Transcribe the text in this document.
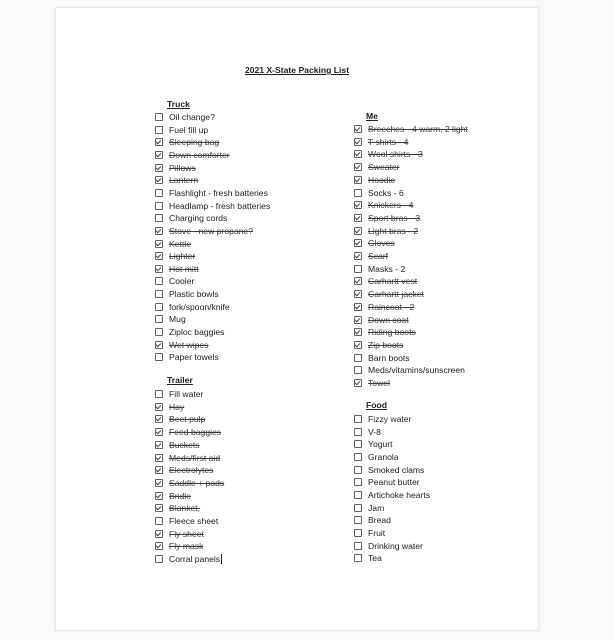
2021 X-State Packing List
Truck
Trailer
Oil change?
Fuel fill up
Sleeping bag
Down comforter
Pillows
Lantern
Flashlight - fresh batteries
Headlamp - fresh batteries
Charging cords
Stove - new propane?
Kettle
Lighter
Hot mitt
Cooler
Plastic bowls
fork/spoon/knife
Mug
Ziploc baggies
Wet wipes
Paper towels
Fill water
Hay
Beet pulp
Feed baggies
Buckets
Meds/first aid
Electrolytes
Saddle + pads
Bridle
Blanket,
Fleece sheet
Fly sheet
Fly mask
Corral panels
Me
Food
Breeches - 4 warm, 2 light
T shirts - 4
Wool shirts - 3
Sweater
Hoodie
Socks - 6
Knickers - 4
Sport bras - 3
Light bras - 2
Gloves
Scarf
Masks - 2
Carhartt vest
Carhartt jacket
Raincoat - 2
Down coat
Riding boots
Zip boots
Barn boots
Meds/vitamins/sunscreen
Towel
Fizzy water
V-8
Yogurt
Granola
Smoked clams
Peanut butter
Artichoke hearts
Jam
Bread
Fruit
Drinking water
Tea
